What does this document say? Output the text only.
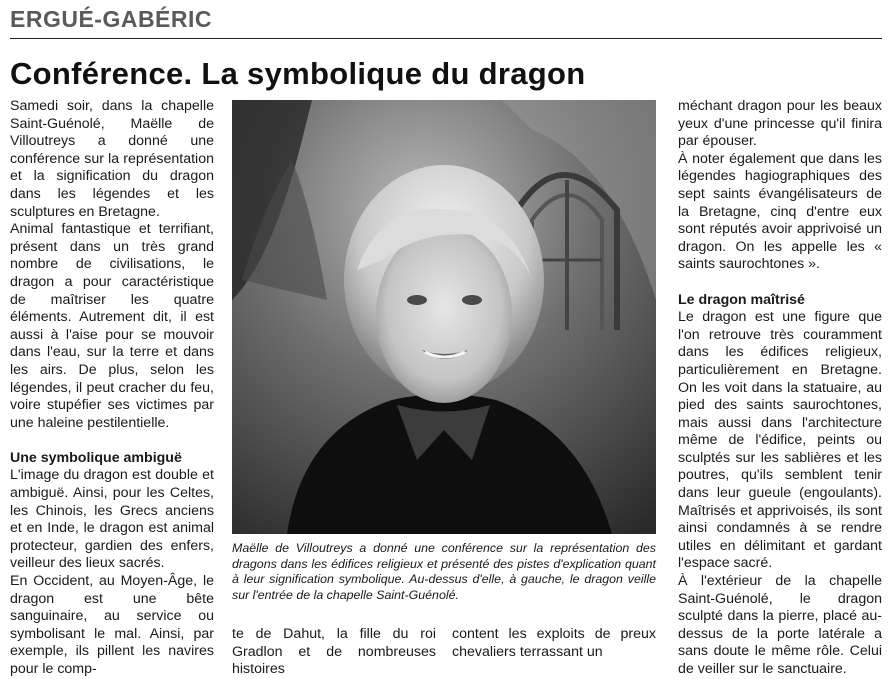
ERGUÉ-GABÉRIC
Conférence. La symbolique du dragon

Samedi soir, dans la chapelle Saint-Guénolé, Maëlle de Villoutreys a donné une conférence sur la représentation et la signification du dragon dans les légendes et les sculptures en Bretagne.

Animal fantastique et terrifiant, présent dans un très grand nombre de civilisations, le dragon a pour caractéristique de maîtriser les quatre éléments. Autrement dit, il est aussi à l'aise pour se mouvoir dans l'eau, sur la terre et dans les airs. De plus, selon les légendes, il peut cracher du feu, voire stupéfier ses victimes par une haleine pestilentielle.

Une symbolique ambiguë

L'image du dragon est double et ambiguë. Ainsi, pour les Celtes, les Chinois, les Grecs anciens et en Inde, le dragon est animal protecteur, gardien des enfers, veilleur des lieux sacrés.

En Occident, au Moyen-Âge, le dragon est une bête sanguinaire, au service ou symbolisant le mal. Ainsi, par exemple, ils pillent les navires pour le comp-

Maëlle de Villoutreys a donné une conférence sur la représentation des dragons dans les édifices religieux et présenté des pistes d'explication quant à leur signification symbolique. Au-dessus d'elle, à gauche, le dragon veille sur l'entrée de la chapelle Saint-Guénolé.

te de Dahut, la fille du roi Gradlon et de nombreuses histoires

content les exploits de preux chevaliers terrassant un

méchant dragon pour les beaux yeux d'une princesse qu'il finira par épouser.

À noter également que dans les légendes hagiographiques des sept saints évangélisateurs de la Bretagne, cinq d'entre eux sont réputés avoir apprivoisé un dragon. On les appelle les « saints saurochtones ».

Le dragon maîtrisé

Le dragon est une figure que l'on retrouve très couramment dans les édifices religieux, particulièrement en Bretagne. On les voit dans la statuaire, au pied des saints saurochtones, mais aussi dans l'architecture même de l'édifice, peints ou sculptés sur les sablières et les poutres, qu'ils semblent tenir dans leur gueule (engoulants). Maîtrisés et apprivoisés, ils sont ainsi condamnés à se rendre utiles en délimitant et gardant l'espace sacré.

À l'extérieur de la chapelle Saint-Guénolé, le dragon sculpté dans la pierre, placé au-dessus de la porte latérale a sans doute le même rôle. Celui de veiller sur le sanctuaire.
